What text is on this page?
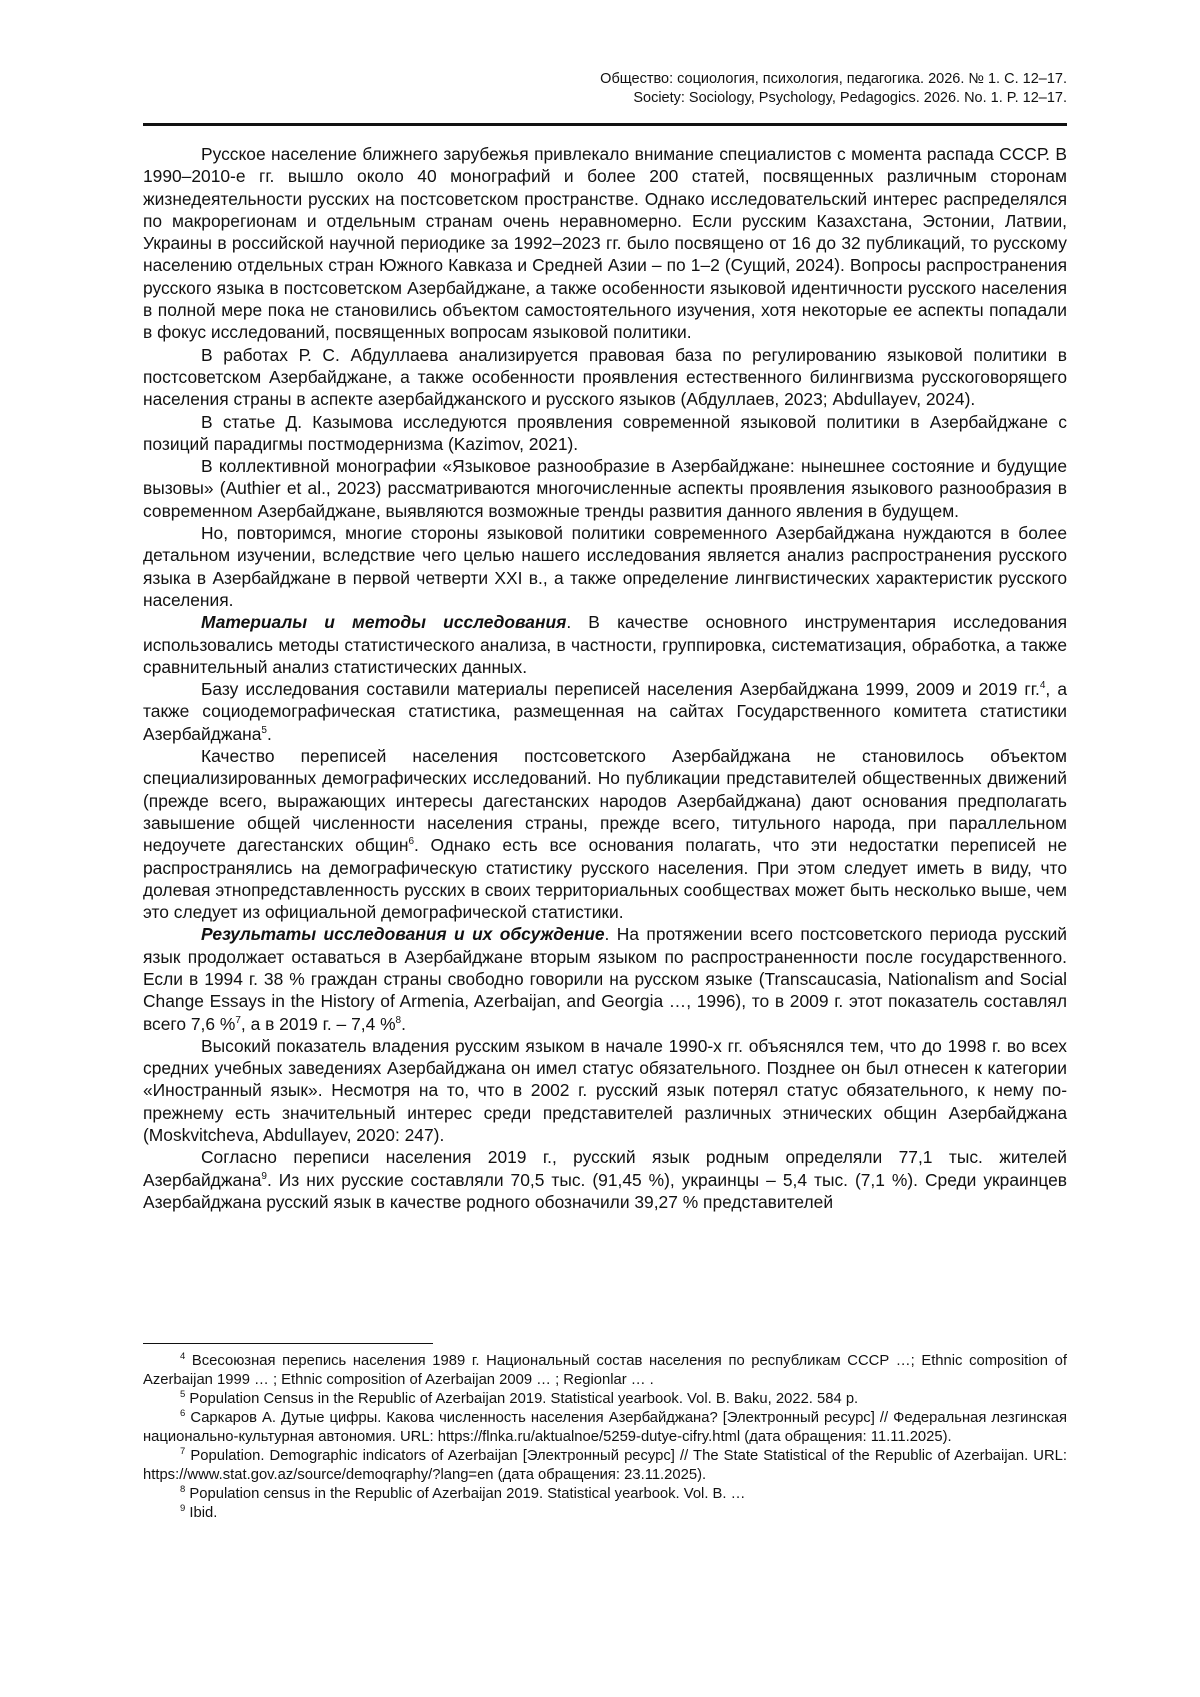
Общество: социология, психология, педагогика. 2026. № 1. С. 12–17.
Society: Sociology, Psychology, Pedagogics. 2026. No. 1. P. 12–17.

Русское население ближнего зарубежья привлекало внимание специалистов с момента распада СССР. В 1990–2010-е гг. вышло около 40 монографий и более 200 статей, посвященных различным сторонам жизнедеятельности русских на постсоветском пространстве. Однако исследовательский интерес распределялся по макрорегионам и отдельным странам очень неравномерно. Если русским Казахстана, Эстонии, Латвии, Украины в российской научной периодике за 1992–2023 гг. было посвящено от 16 до 32 публикаций, то русскому населению отдельных стран Южного Кавказа и Средней Азии – по 1–2 (Сущий, 2024). Вопросы распространения русского языка в постсоветском Азербайджане, а также особенности языковой идентичности русского населения в полной мере пока не становились объектом самостоятельного изучения, хотя некоторые ее аспекты попадали в фокус исследований, посвященных вопросам языковой политики.

В работах Р. С. Абдуллаева анализируется правовая база по регулированию языковой политики в постсоветском Азербайджане, а также особенности проявления естественного билингвизма русскоговорящего населения страны в аспекте азербайджанского и русского языков (Абдуллаев, 2023; Abdullayev, 2024).

В статье Д. Казымова исследуются проявления современной языковой политики в Азербайджане с позиций парадигмы постмодернизма (Kazimov, 2021).

В коллективной монографии «Языковое разнообразие в Азербайджане: нынешнее состояние и будущие вызовы» (Authier et al., 2023) рассматриваются многочисленные аспекты проявления языкового разнообразия в современном Азербайджане, выявляются возможные тренды развития данного явления в будущем.

Но, повторимся, многие стороны языковой политики современного Азербайджана нуждаются в более детальном изучении, вследствие чего целью нашего исследования является анализ распространения русского языка в Азербайджане в первой четверти XXI в., а также определение лингвистических характеристик русского населения.

Материалы и методы исследования. В качестве основного инструментария исследования использовались методы статистического анализа, в частности, группировка, систематизация, обработка, а также сравнительный анализ статистических данных.

Базу исследования составили материалы переписей населения Азербайджана 1999, 2009 и 2019 гг.$^4$, а также социодемографическая статистика, размещенная на сайтах Государственного комитета статистики Азербайджана$^5$.

Качество переписей населения постсоветского Азербайджана не становилось объектом специализированных демографических исследований. Но публикации представителей общественных движений (прежде всего, выражающих интересы дагестанских народов Азербайджана) дают основания предполагать завышение общей численности населения страны, прежде всего, титульного народа, при параллельном недоучете дагестанских общин$^6$. Однако есть все основания полагать, что эти недостатки переписей не распространялись на демографическую статистику русского населения. При этом следует иметь в виду, что долевая этнопредставленность русских в своих территориальных сообществах может быть несколько выше, чем это следует из официальной демографической статистики.

Результаты исследования и их обсуждение. На протяжении всего постсоветского периода русский язык продолжает оставаться в Азербайджане вторым языком по распространенности после государственного. Если в 1994 г. 38 % граждан страны свободно говорили на русском языке (Transcaucasia, Nationalism and Social Change Essays in the History of Armenia, Azerbaijan, and Georgia …, 1996), то в 2009 г. этот показатель составлял всего 7,6 %$^7$, а в 2019 г. – 7,4 %$^8$.

Высокий показатель владения русским языком в начале 1990-х гг. объяснялся тем, что до 1998 г. во всех средних учебных заведениях Азербайджана он имел статус обязательного. Позднее он был отнесен к категории «Иностранный язык». Несмотря на то, что в 2002 г. русский язык потерял статус обязательного, к нему по-прежнему есть значительный интерес среди представителей различных этнических общин Азербайджана (Moskvitcheva, Abdullayev, 2020: 247).

Согласно переписи населения 2019 г., русский язык родным определяли 77,1 тыс. жителей Азербайджана$^9$. Из них русские составляли 70,5 тыс. (91,45 %), украинцы – 5,4 тыс. (7,1 %). Среди украинцев Азербайджана русский язык в качестве родного обозначили 39,27 % представителей

$^4$ Всесоюзная перепись населения 1989 г. Национальный состав населения по республикам СССР …; Ethnic composition of Azerbaijan 1999 … ; Ethnic composition of Azerbaijan 2009 … ; Regionlar … .

$^5$ Population Census in the Republic of Azerbaijan 2019. Statistical yearbook. Vol. B. Baku, 2022. 584 p.

$^6$ Саркаров А. Дутые цифры. Какова численность населения Азербайджана? [Электронный ресурс] // Федеральная лезгинская национально-культурная автономия. URL: https://flnka.ru/aktualnoe/5259-dutye-cifry.html (дата обращения: 11.11.2025).

$^7$ Population. Demographic indicators of Azerbaijan [Электронный ресурс] // The State Statistical of the Republic of Azerbaijan. URL: https://www.stat.gov.az/source/demoqraphy/?lang=en (дата обращения: 23.11.2025).

$^8$ Population census in the Republic of Azerbaijan 2019. Statistical yearbook. Vol. B. …

$^9$ Ibid.
